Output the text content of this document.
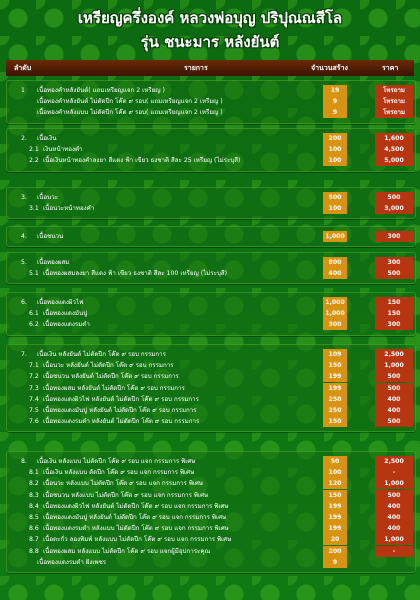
เหรียญครึ่งองค์ หลวงพ่อบุญ ปริปุณณสีโล
รุ่น ชนะมาร หลังยันต์
ลำดับ	รายการ	จำนวนสร้าง	ราคา
1 เนื้อทองคำหลังยันต์( แถมเหรียญแจก 2 เหรียญ )	19	โทรถาม
เนื้อทองคำหลังยันต์ ไม่ตัดปีก โค๊ต ๙ รอบ( แถมเหรียญแจก 2 เหรียญ )	9	โทรถาม
เนื้อทองคำหลังแบบ ไม่ตัดปีก โค๊ต ๙ รอบ( แถมเหรียญแจก 2 เหรียญ )	9	โทรถาม
2. เนื้อเงิน	200	1,600
2.1 เงินหน้าทองคำ	100	4,500
2.2 เนื้อเงินหน้าทองคำลงยา สีแดง ฟ้า เขียว ธงชาติ สีละ 25 เหรียญ (ไม่ระบุสี)	100	5,000
3. เนื้อนวะ	500	500
3.1 เนื้อนวะหน้าทองคำ	100	3,000
4. เนื้อชนวน	1,000	300
5. เนื้อทองผสม	800	300
5.1 เนื้อทองผสมลงยา สีแดง ฟ้า เขียว ธงชาติ สีละ 100 เหรียญ (ไม่ระบุสี)	400	500
6. เนื้อทองแดงผิวไฟ	1,000	150
6.1 เนื้อทองแดงมันปู	1,000	150
6.2 เนื้อทองแดงรมดำ	300	300
7. เนื้อเงิน หลังยันต์ ไม่ตัดปีก โค๊ต ๙ รอบ กรรมการ	109	2,500
7.1 เนื้อนวะ หลังยันต์ ไม่ตัดปีก โค๊ต ๙ รอบ กรรมการ	150	1,000
7.2 เนื้อชนวน หลังยันต์ ไม่ตัดปีก โค๊ต ๙ รอบ กรรมการ	199	500
7.3 เนื้อทองผสม หลังยันต์ ไม่ตัดปีก โค๊ต ๙ รอบ กรรมการ	199	500
7.4 เนื้อทองแดงผิวไฟ หลังยันต์ ไม่ตัดปีก โค๊ต ๙ รอบ กรรมการ	250	400
7.5 เนื้อทองแดงมันปู หลังยันต์ ไม่ตัดปีก โค๊ต ๙ รอบ กรรมการ	250	400
7.6 เนื้อทองแดงรมดำ หลังยันต์ ไม่ตัดปีก โค๊ต ๙ รอบ กรรมการ	150	500
8. เนื้อเงิน หลังแบบ ไม่ตัดปีก โค๊ต ๙ รอบ แจก กรรมการ พิเศษ	50	2,500
8.1 เนื้อเงิน หลังแบบ ตัดปีก โค๊ต ๙ รอบ แจก กรรมการ พิเศษ	100	-
8.2 เนื้อนวะ หลังแบบ ไม่ตัดปีก โค๊ต ๙ รอบ แจก กรรมการ พิเศษ	120	1,000
8.3 เนื้อชนวน หลังแบบ ไม่ตัดปีก โค๊ต ๙ รอบ แจก กรรมการ พิเศษ	150	500
8.4 เนื้อทองแดงผิวไฟ หลังยันต์ ไม่ตัดปีก โค๊ต ๙ รอบ แจก กรรมการ พิเศษ	199	400
8.5 เนื้อทองแดงมันปู หลังยันต์ ไม่ตัดปีก โค๊ต ๙ รอบ แจก กรรมการ พิเศษ	199	400
8.6 เนื้อทองแดงรมดำ หลังแบบ ไม่ตัดปีก โค๊ต ๙ รอบ แจก กรรมการ พิเศษ	199	400
8.7 เนื้อตะกั่ว ลองพิมพ์ หลังแบบ ไม่ตัดปีก โค๊ต ๙ รอบ แจก กรรมการ พิเศษ	20	1,000
8.8 เนื้อทองผสม หลังแบบ ไม่ตัดปีก โค๊ต ๙ รอบ แจกผู้มีอุปการะคุณ	200	-
เนื้อทองแดงรมดำ ฝังเพชร	9
